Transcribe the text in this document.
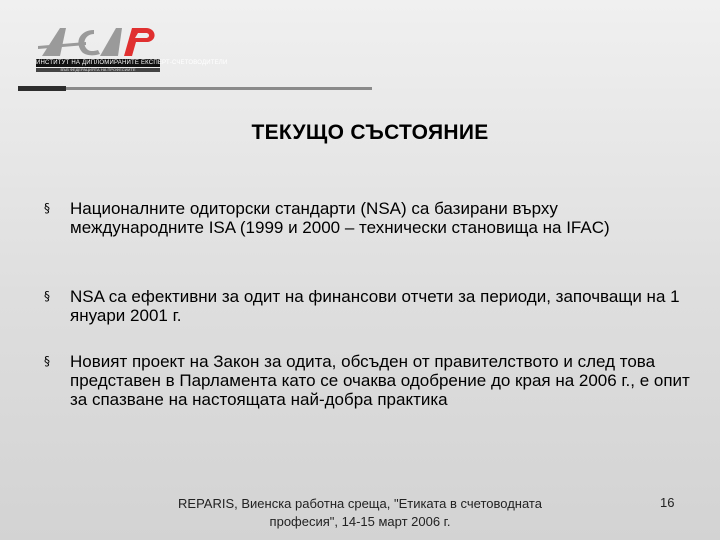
ИНСТИТУТ НА ДИПЛОМИРАНИТЕ ЕКСПЕРТ-СЧЕТОВОДИТЕЛИ
ВЪВ ФЕДЕРАЦИЯТА НА ПРОФЕСИИТЕ
ТЕКУЩО СЪСТОЯНИЕ
§ Националните одиторски стандарти (NSA) са базирани върху международните ISA (1999 и 2000 – технически становища на IFAC)
§ NSA са ефективни за одит на финансови отчети за периоди, започващи на 1 януари 2001 г.
§ Новият проект на Закон за одита, обсъден от правителството и след това представен в Парламента като се очаква одобрение до края на 2006 г., е опит за спазване на настоящата най-добра практика
REPARIS, Виенска работна среща, "Етиката в счетоводната професия", 14-15 март 2006 г.
16
